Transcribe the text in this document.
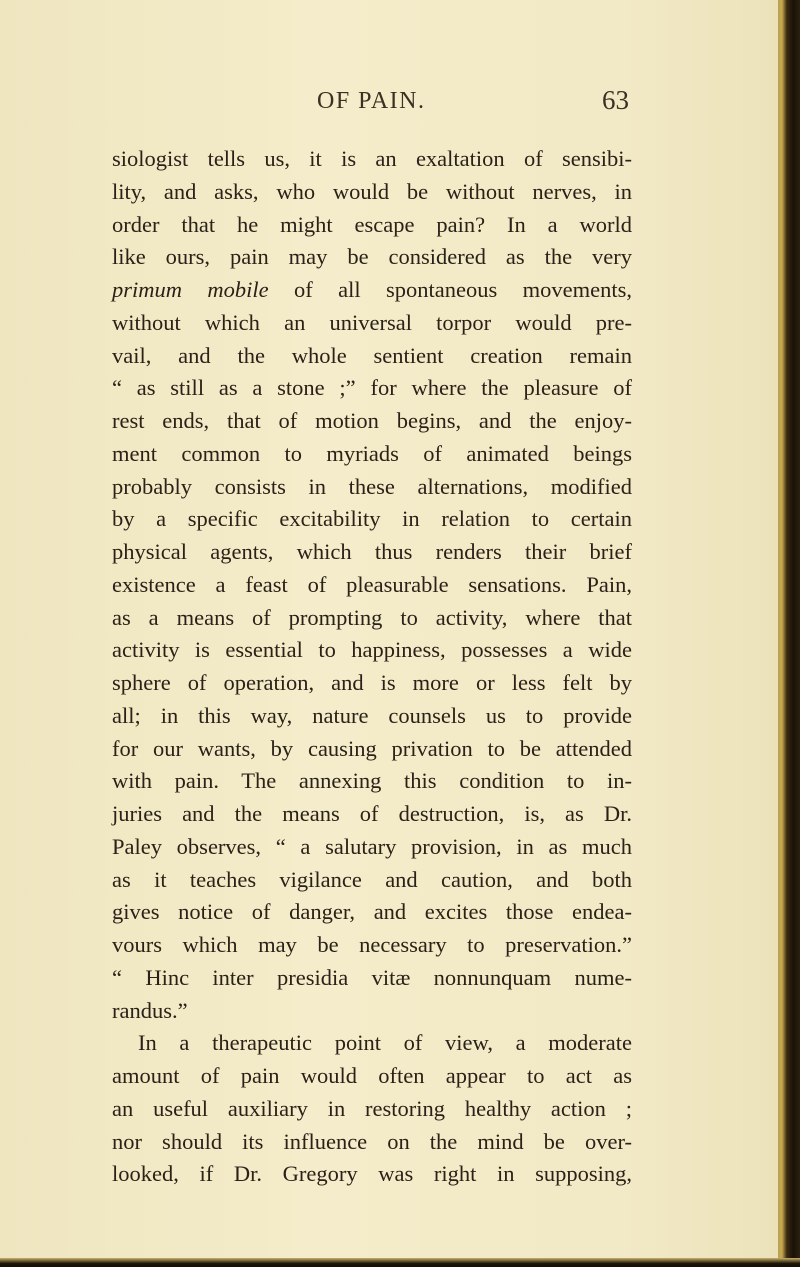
OF PAIN.	63
siologist tells us, it is an exaltation of sensibi-
lity, and asks, who would be without nerves, in
order that he might escape pain? In a world
like ours, pain may be considered as the very
primum mobile of all spontaneous movements,
without which an universal torpor would pre-
vail, and the whole sentient creation remain
“ as still as a stone ;” for where the pleasure of
rest ends, that of motion begins, and the enjoy-
ment common to myriads of animated beings
probably consists in these alternations, modified
by a specific excitability in relation to certain
physical agents, which thus renders their brief
existence a feast of pleasurable sensations. Pain,
as a means of prompting to activity, where that
activity is essential to happiness, possesses a wide
sphere of operation, and is more or less felt by
all; in this way, nature counsels us to provide
for our wants, by causing privation to be attended
with pain. The annexing this condition to in-
juries and the means of destruction, is, as Dr.
Paley observes, “ a salutary provision, in as much
as it teaches vigilance and caution, and both
gives notice of danger, and excites those endea-
vours which may be necessary to preservation.”
“ Hinc inter presidia vitæ nonnunquam nume-
randus.”
In a therapeutic point of view, a moderate
amount of pain would often appear to act as
an useful auxiliary in restoring healthy action ;
nor should its influence on the mind be over-
looked, if Dr. Gregory was right in supposing,
